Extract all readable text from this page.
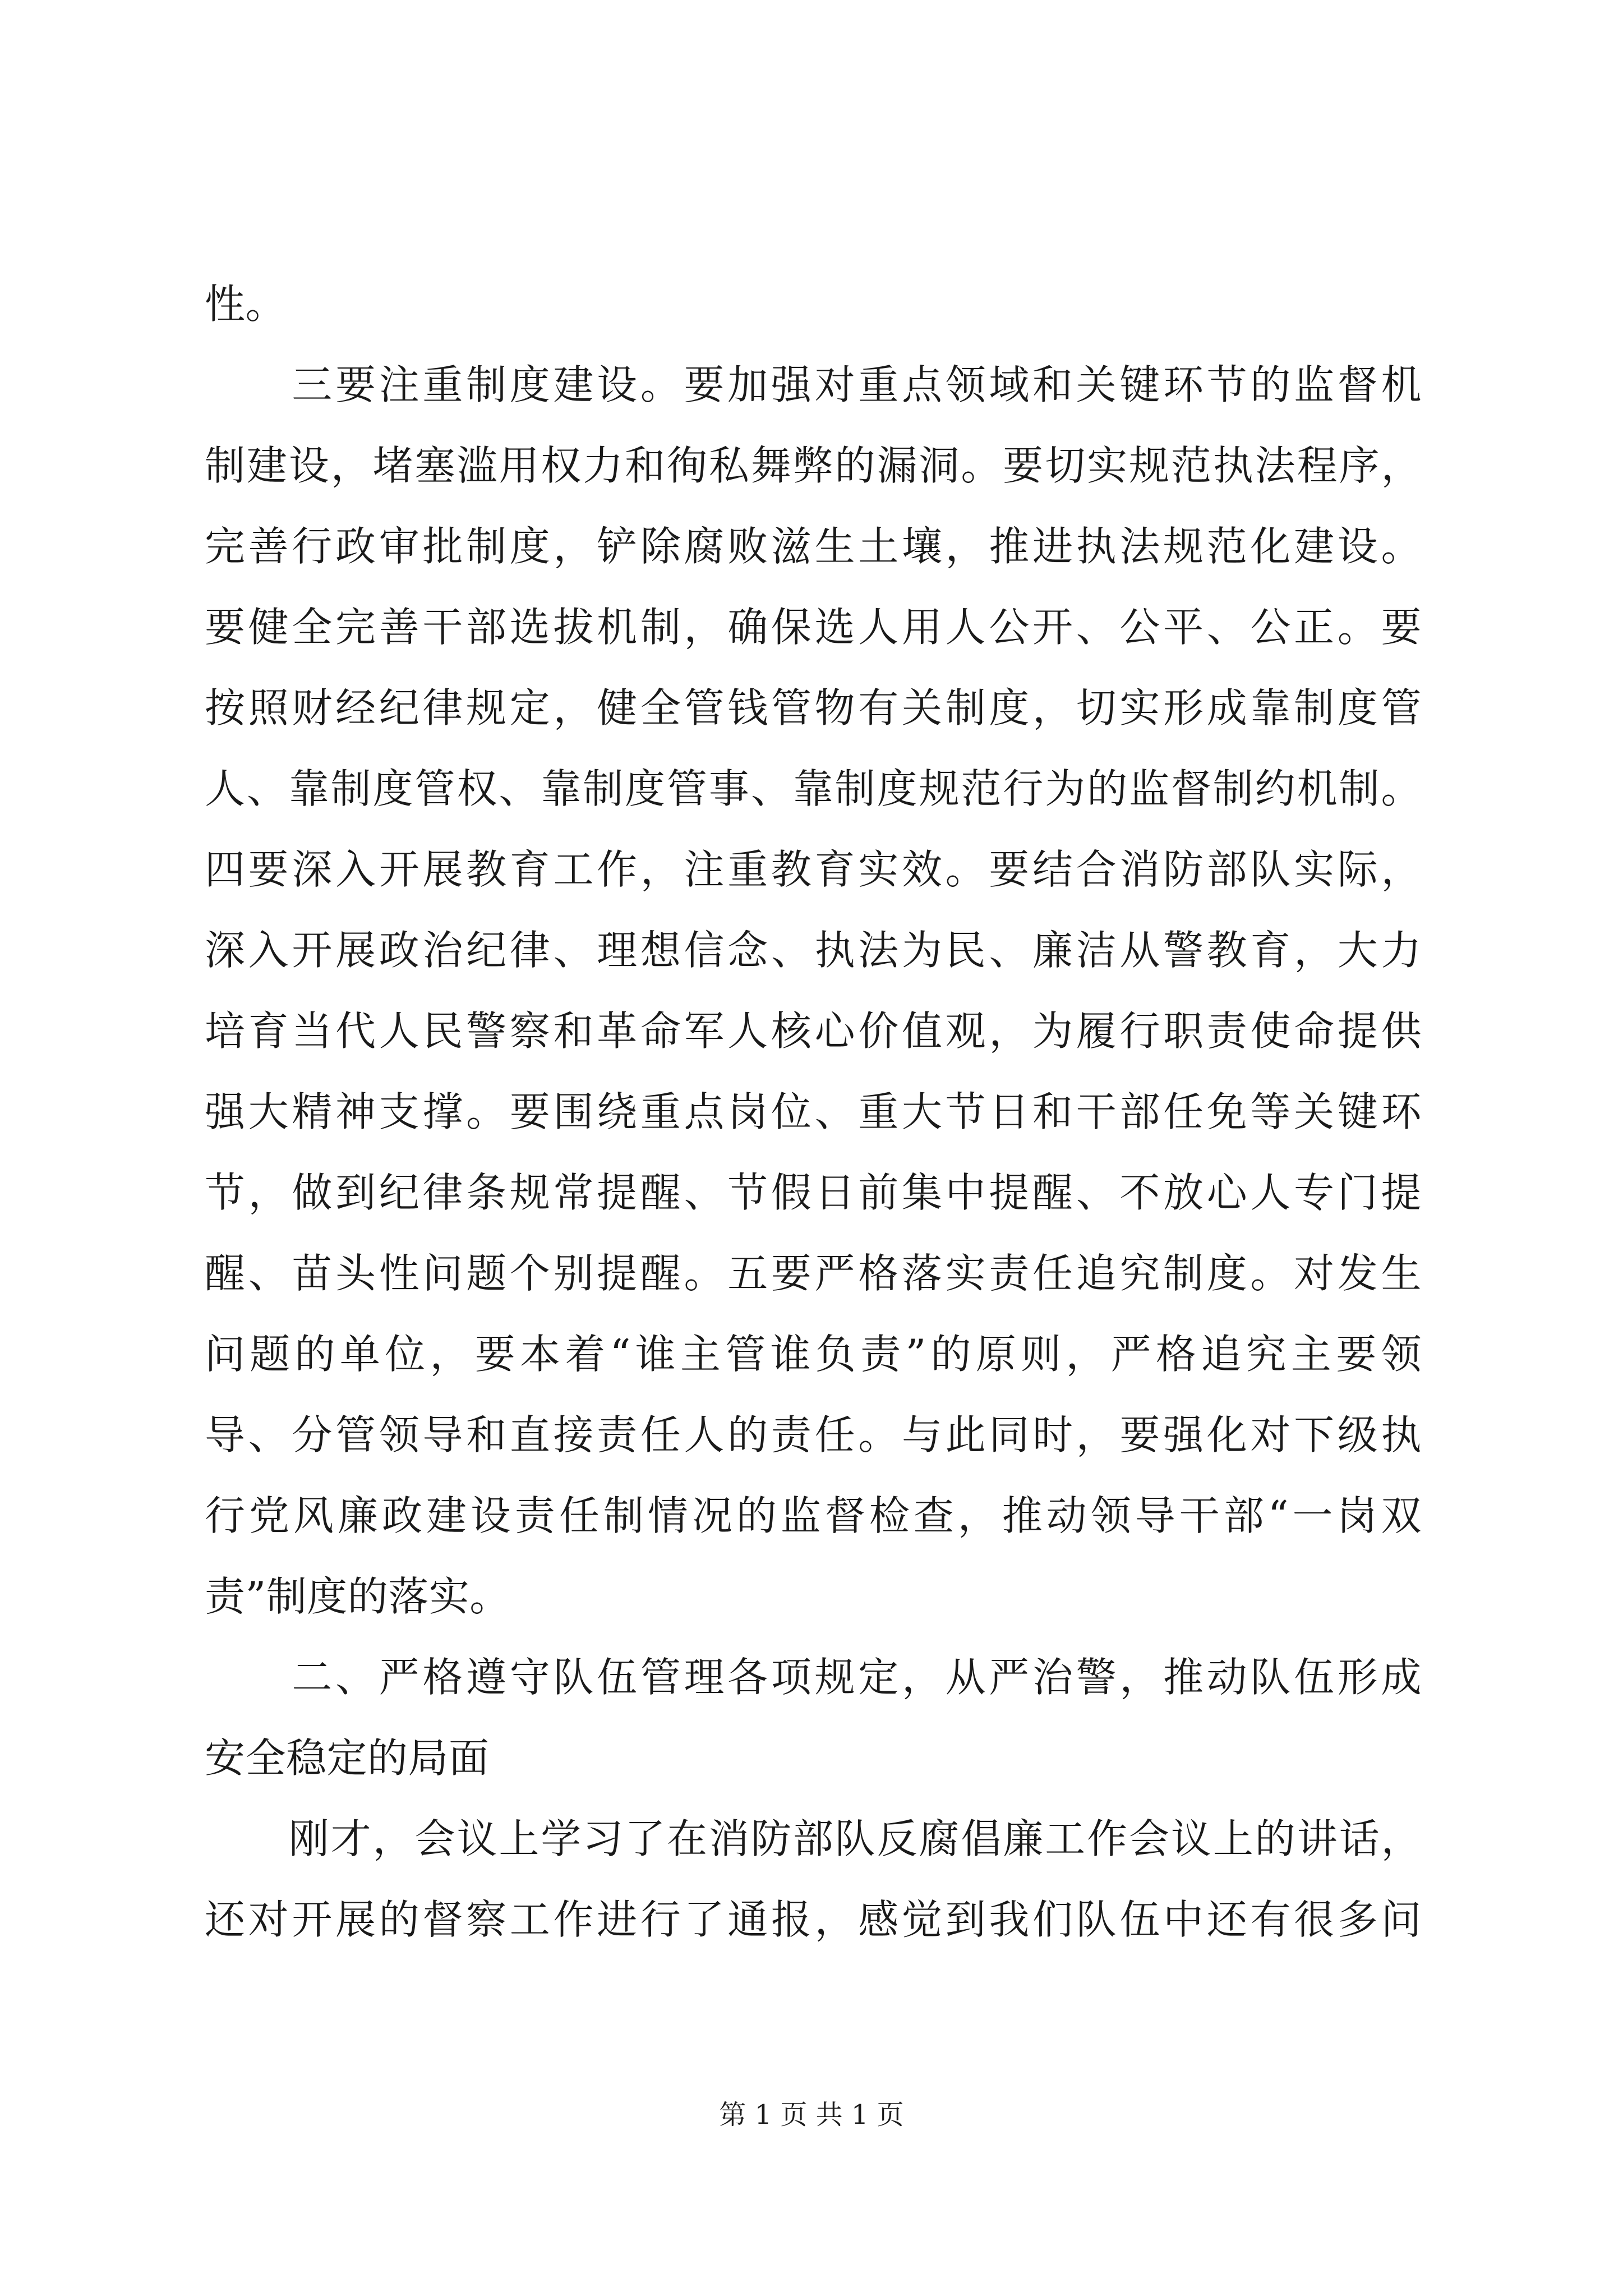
性。
　　三要注重制度建设。要加强对重点领域和关键环节的监督机
制建设，堵塞滥用权力和徇私舞弊的漏洞。要切实规范执法程序，
完善行政审批制度，铲除腐败滋生土壤，推进执法规范化建设。
要健全完善干部选拔机制，确保选人用人公开、公平、公正。要
按照财经纪律规定，健全管钱管物有关制度，切实形成靠制度管
人、靠制度管权、靠制度管事、靠制度规范行为的监督制约机制。
四要深入开展教育工作，注重教育实效。要结合消防部队实际，
深入开展政治纪律、理想信念、执法为民、廉洁从警教育，大力
培育当代人民警察和革命军人核心价值观，为履行职责使命提供
强大精神支撑。要围绕重点岗位、重大节日和干部任免等关键环
节，做到纪律条规常提醒、节假日前集中提醒、不放心人专门提
醒、苗头性问题个别提醒。五要严格落实责任追究制度。对发生
问题的单位，要本着“谁主管谁负责”的原则，严格追究主要领
导、分管领导和直接责任人的责任。与此同时，要强化对下级执
行党风廉政建设责任制情况的监督检查，推动领导干部“一岗双
责”制度的落实。
　　二、严格遵守队伍管理各项规定，从严治警，推动队伍形成
安全稳定的局面
　　刚才，会议上学习了在消防部队反腐倡廉工作会议上的讲话，
还对开展的督察工作进行了通报，感觉到我们队伍中还有很多问
第 1 页 共 1 页
